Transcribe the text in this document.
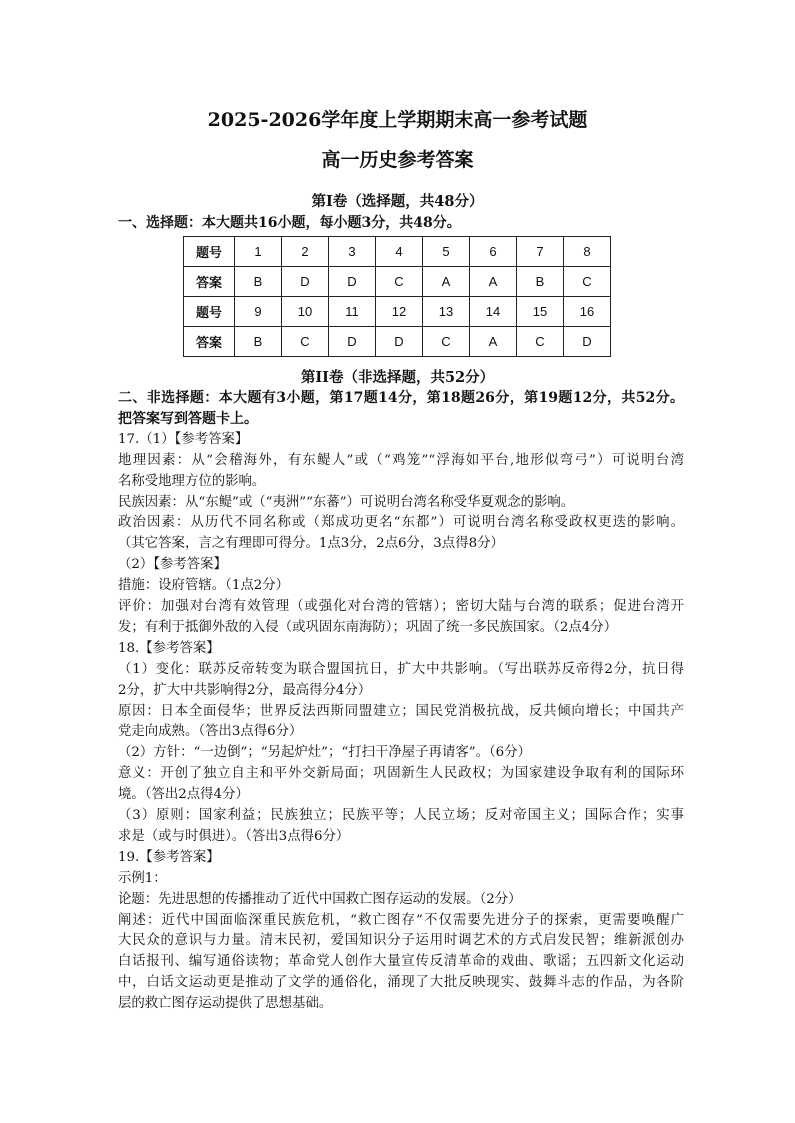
2025-2026学年度上学期期末高一参考试题
高一历史参考答案
第Ⅰ卷（选择题，共48分）
一、选择题：本大题共16小题，每小题3分，共48分。
题号	1	2	3	4	5	6	7	8
答案	B	D	D	C	A	A	B	C
题号	9	10	11	12	13	14	15	16
答案	B	C	D	D	C	A	C	D
第II卷（非选择题，共52分）
二、非选择题：本大题有3小题，第17题14分，第18题26分，第19题12分，共52分。
把答案写到答题卡上。
17.（1）【参考答案】
地理因素：从“会稽海外，有东鳀人”或（“鸡笼”“浮海如平台,地形似弯弓”）可说明台湾
名称受地理方位的影响。
民族因素：从“东鳀”或（“夷洲”“东蕃”）可说明台湾名称受华夏观念的影响。
政治因素：从历代不同名称或（郑成功更名“东都”）可说明台湾名称受政权更迭的影响。
（其它答案，言之有理即可得分。1点3分，2点6分，3点得8分）
（2）【参考答案】
措施：设府管辖。（1点2分）
评价：加强对台湾有效管理（或强化对台湾的管辖）；密切大陆与台湾的联系；促进台湾开
发；有利于抵御外敌的入侵（或巩固东南海防）；巩固了统一多民族国家。（2点4分）
18.【参考答案】
（1）变化：联苏反帝转变为联合盟国抗日，扩大中共影响。（写出联苏反帝得2分，抗日得
2分，扩大中共影响得2分，最高得分4分）
原因：日本全面侵华；世界反法西斯同盟建立；国民党消极抗战，反共倾向增长；中国共产
党走向成熟。（答出3点得6分）
（2）方针：“一边倒”；“另起炉灶”；“打扫干净屋子再请客”。（6分）
意义：开创了独立自主和平外交新局面；巩固新生人民政权；为国家建设争取有利的国际环
境。（答出2点得4分）
（3）原则：国家利益；民族独立；民族平等；人民立场；反对帝国主义；国际合作；实事
求是（或与时俱进）。（答出3点得6分）
19.【参考答案】
示例1：
论题：先进思想的传播推动了近代中国救亡图存运动的发展。（2分）
阐述：近代中国面临深重民族危机，“救亡图存”不仅需要先进分子的探索，更需要唤醒广
大民众的意识与力量。清末民初，爱国知识分子运用时调艺术的方式启发民智；维新派创办
白话报刊、编写通俗读物；革命党人创作大量宣传反清革命的戏曲、歌谣；五四新文化运动
中，白话文运动更是推动了文学的通俗化，涌现了大批反映现实、鼓舞斗志的作品，为各阶
层的救亡图存运动提供了思想基础。
